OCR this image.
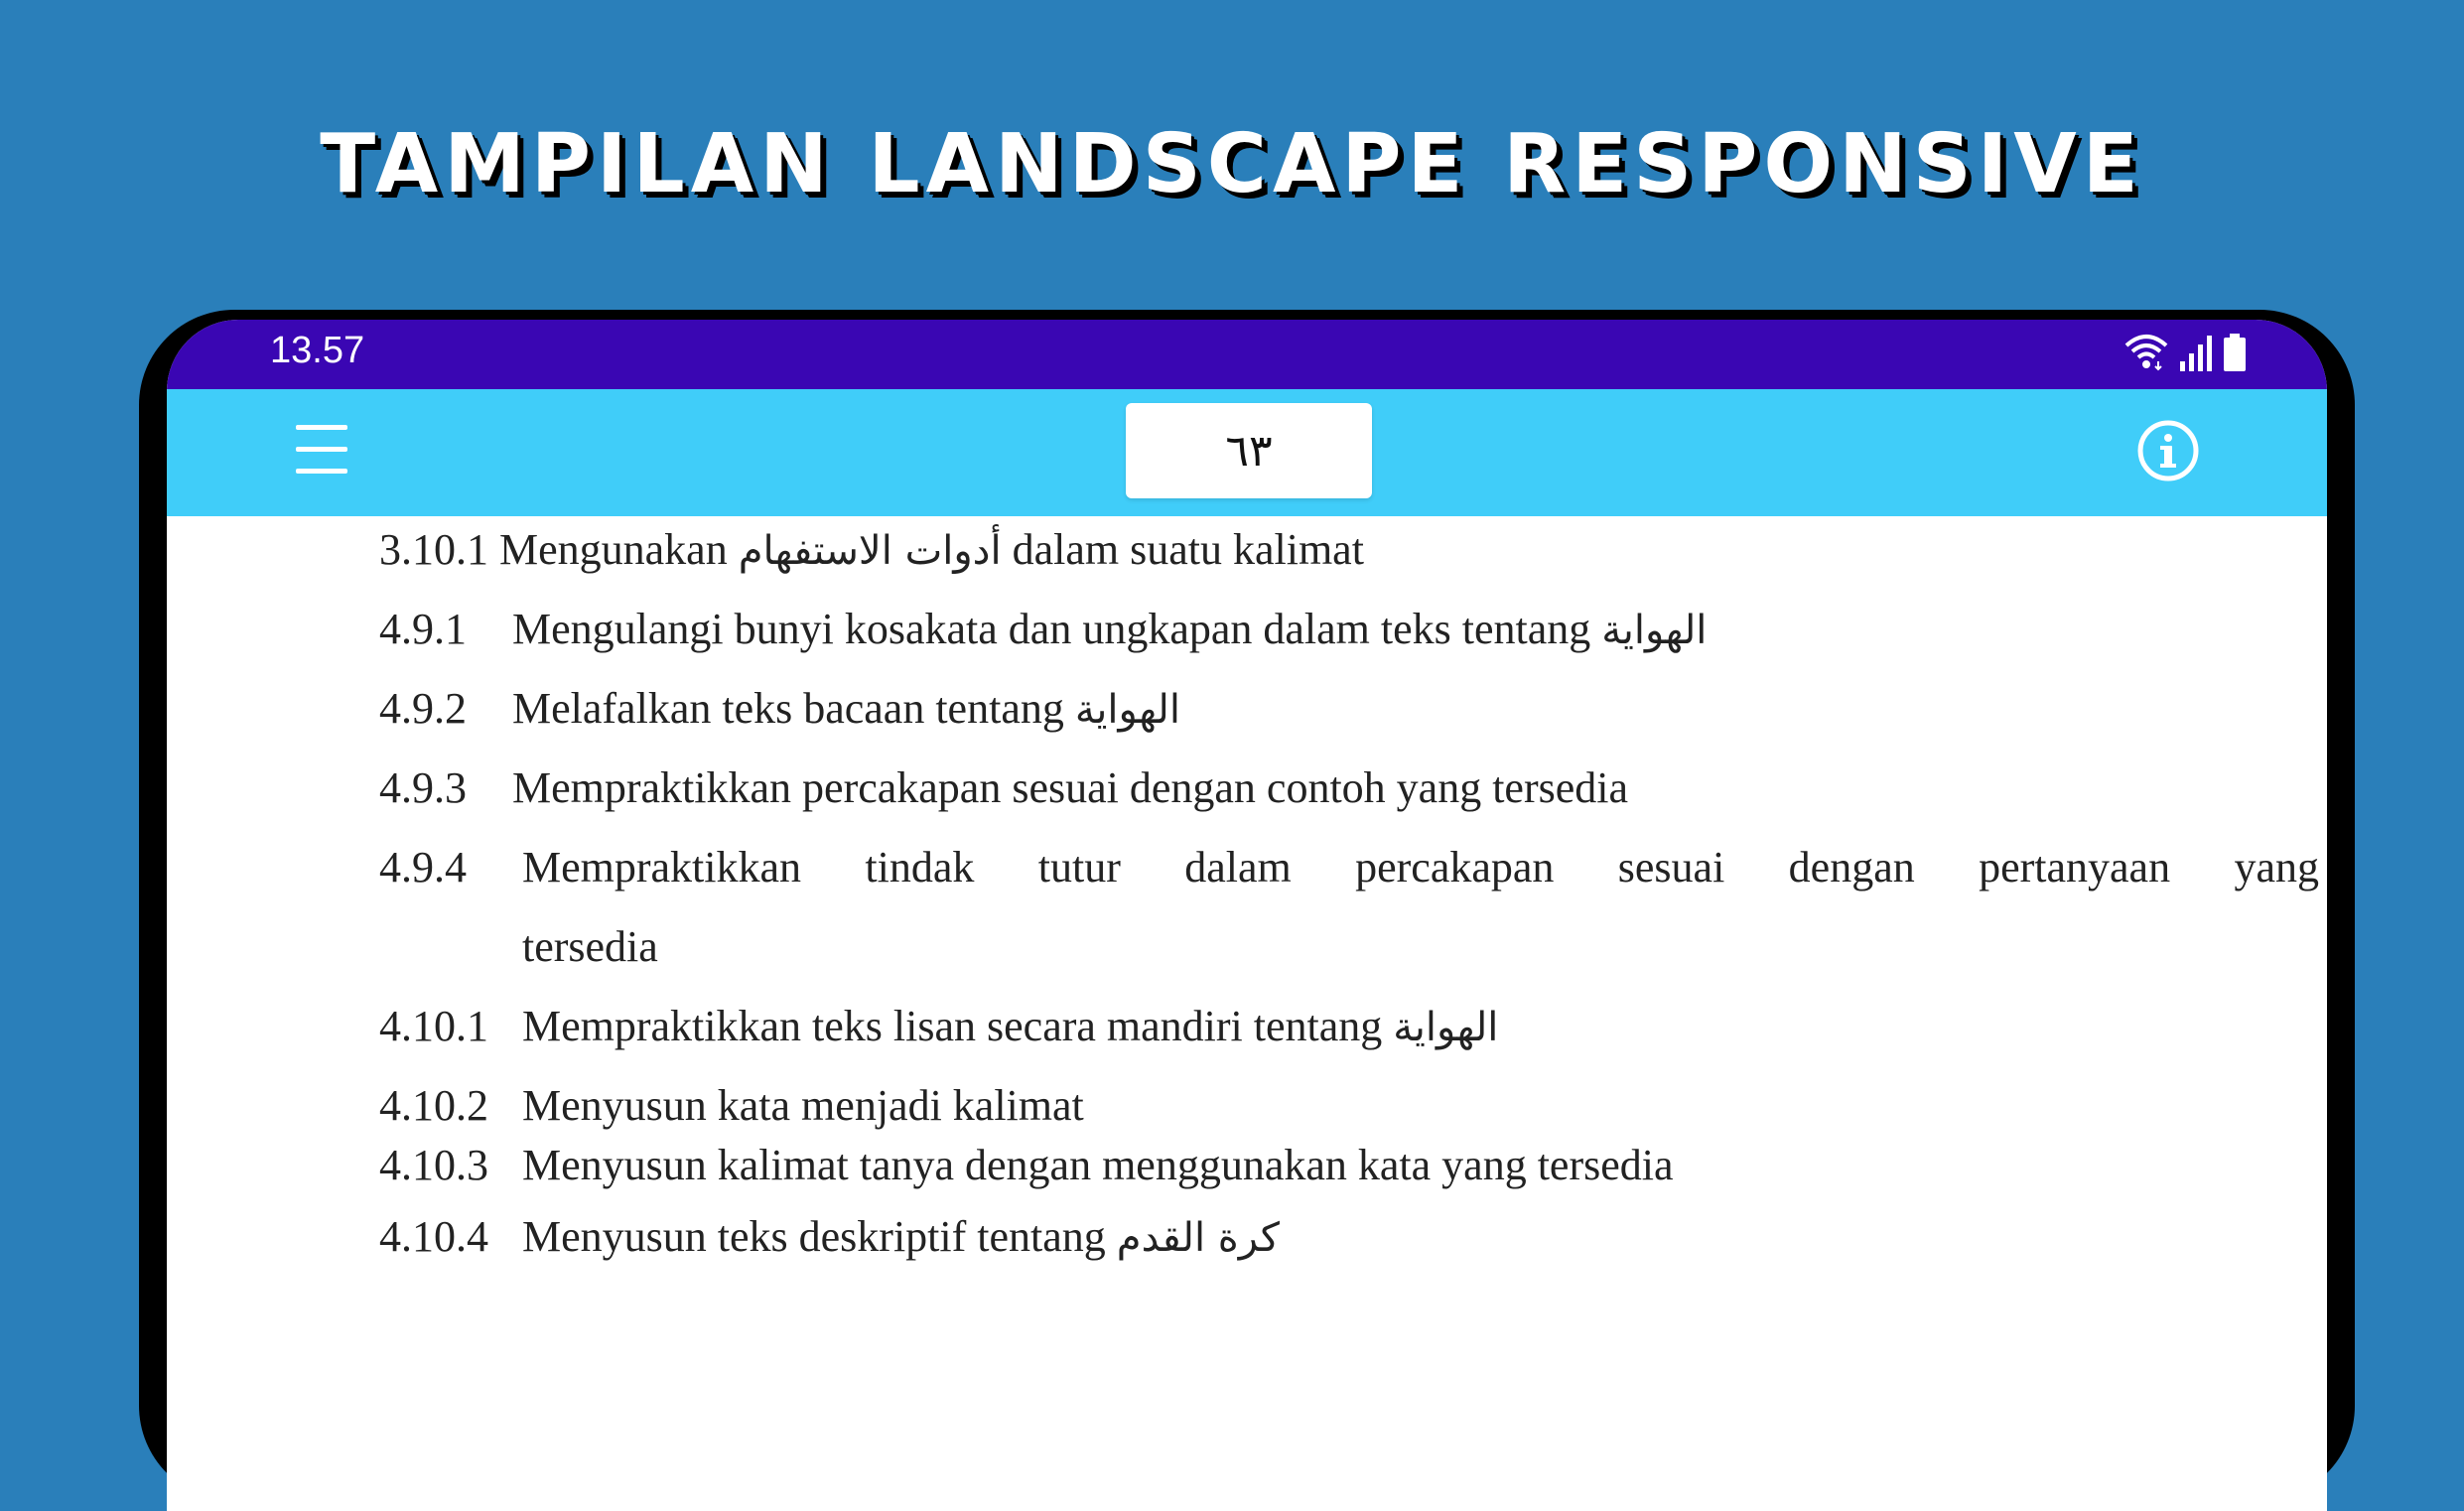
TAMPILAN LANDSCAPE RESPONSIVE
13.57
٦٣
3.10.1 Mengunakan أدوات الاستفهام dalam suatu kalimat
4.9.1 Mengulangi bunyi kosakata dan ungkapan dalam teks tentang الهواية
4.9.2 Melafalkan teks bacaan tentang الهواية
4.9.3 Mempraktikkan percakapan sesuai dengan contoh yang tersedia
4.9.4 Mempraktikkan tindak tutur dalam percakapan sesuai dengan pertanyaan yang
tersedia
4.10.1 Mempraktikkan teks lisan secara mandiri tentang الهواية
4.10.2 Menyusun kata menjadi kalimat
4.10.3 Menyusun kalimat tanya dengan menggunakan kata yang tersedia
4.10.4 Menyusun teks deskriptif tentang كرة القدم
